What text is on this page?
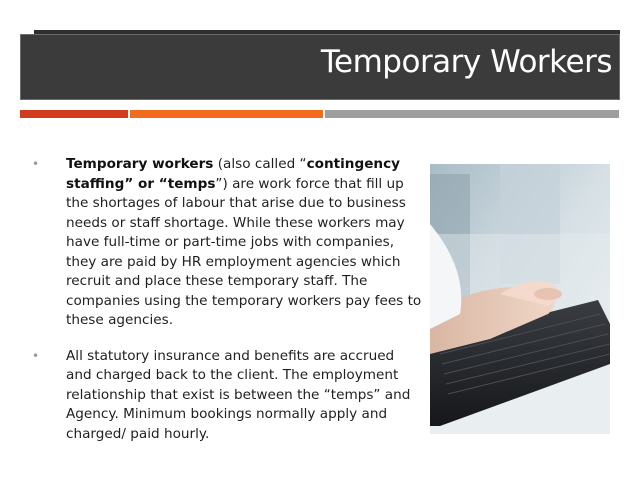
Temporary Workers
• Temporary workers (also called “contingency staffing” or “temps”) are work force that fill up the shortages of labour that arise due to business needs or staff shortage. While these workers may have full-time or part-time jobs with companies, they are paid by HR employment agencies which recruit and place these temporary staff. The companies using the temporary workers pay fees to these agencies.
• All statutory insurance and benefits are accrued and charged back to the client. The employment relationship that exist is between the “temps” and Agency. Minimum bookings normally apply and charged/ paid hourly.
